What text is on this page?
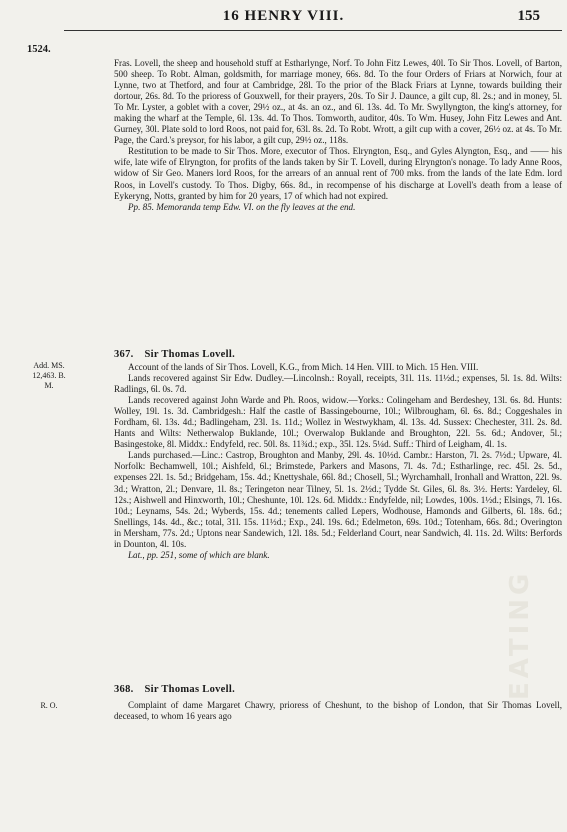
16 HENRY VIII.	155
1524.

Fras. Lovell, the sheep and household stuff at Estharlynge, Norf. To John Fitz Lewes, 40l. To Sir Thos. Lovell, of Barton, 500 sheep. To Robt. Alman, goldsmith, for marriage money, 66s. 8d. To the four Orders of Friars at Norwich, four at Lynne, two at Thetford, and four at Cambridge, 28l. To the prior of the Black Friars at Lynne, towards building their dortour, 26s. 8d. To the prioress of Gouxwell, for their prayers, 20s. To Sir J. Daunce, a gilt cup, 8l. 2s.; and in money, 5l. To Mr. Lyster, a goblet with a cover, 29½ oz., at 4s. an oz., and 6l. 13s. 4d. To Mr. Swyllyngton, the king's attorney, for making the wharf at the Temple, 6l. 13s. 4d. To Thos. Tomworth, auditor, 40s. To Wm. Husey, John Fitz Lewes and Ant. Gurney, 30l. Plate sold to lord Roos, not paid for, 63l. 8s. 2d. To Robt. Wrott, a gilt cup with a cover, 26½ oz. at 4s. To Mr. Page, the Card.'s preysor, for his labor, a gilt cup, 29½ oz., 118s.

Restitution to be made to Sir Thos. More, executor of Thos. Elryngton, Esq., and Gyles Alyngton, Esq., and —— his wife, late wife of Elryngton, for profits of the lands taken by Sir T. Lovell, during Elryngton's nonage. To lady Anne Roos, widow of Sir Geo. Maners lord Roos, for the arrears of an annual rent of 700 mks. from the lands of the late Edm. lord Roos, in Lovell's custody. To Thos. Digby, 66s. 8d., in recompense of his discharge at Lovell's death from a lease of Eykeryng, Notts, granted by him for 20 years, 17 of which had not expired.

Pp. 85. Memoranda temp Edw. VI. on the fly leaves at the end.

367. Sir Thomas Lovell.
Add. MS. 12,463. B. M.

Account of the lands of Sir Thos. Lovell, K.G., from Mich. 14 Hen. VIII. to Mich. 15 Hen. VIII.

Lands recovered against Sir Edw. Dudley.—Lincolnsh.: Royall, receipts, 31l. 11s. 11½d.; expenses, 5l. 1s. 8d. Wilts: Radlings, 6l. 0s. 7d.

Lands recovered against John Warde and Ph. Roos, widow.—Yorks.: Colingeham and Berdeshey, 13l. 6s. 8d. Hunts: Wolley, 19l. 1s. 3d. Cambridgesh.: Half the castle of Bassingebourne, 10l.; Wilbrougham, 6l. 6s. 8d.; Coggeshales in Fordham, 6l. 13s. 4d.; Badlingeham, 23l. 1s. 11d.; Wollez in Westwykham, 4l. 13s. 4d. Sussex: Chechester, 31l. 2s. 8d. Hants and Wilts: Netherwalop Buklande, 10l.; Overwalop Buklande and Broughton, 22l. 5s. 6d.; Andover, 5l.; Basingestoke, 8l. Middx.: Endyfeld, rec. 50l. 8s. 11¾d.; exp., 35l. 12s. 5¼d. Suff.: Third of Leigham, 4l. 1s.

Lands purchased.—Linc.: Castrop, Broughton and Manby, 29l. 4s. 10½d. Cambr.: Harston, 7l. 2s. 7½d.; Upware, 4l. Norfolk: Bechamwell, 10l.; Aishfeld, 6l.; Brimstede, Parkers and Masons, 7l. 4s. 7d.; Estharlinge, rec. 45l. 2s. 5d., expenses 22l. 1s. 5d.; Bridgeham, 15s. 4d.; Knettyshale, 66l. 8d.; Chosell, 5l.; Wyrchamhall, Ironhall and Wratton, 22l. 9s. 3d.; Wratton, 2l.; Denvare, 1l. 8s.; Teringeton near Tilney, 5l. 1s. 2½d.; Tydde St. Giles, 6l. 8s. 3½. Herts: Yardeley, 6l. 12s.; Aishwell and Hinxworth, 10l.; Cheshunte, 10l. 12s. 6d. Middx.: Endyfelde, nil; Lowdes, 100s. 1½d.; Elsings, 7l. 16s. 10d.; Leynams, 54s. 2d.; Wyberds, 15s. 4d.; tenements called Lepers, Wodhouse, Hamonds and Gilberts, 6l. 18s. 6d.; Snellings, 14s. 4d., &c.; total, 31l. 15s. 11½d.; Exp., 24l. 19s. 6d.; Edelmeton, 69s. 10d.; Totenham, 66s. 8d.; Overington in Mersham, 77s. 2d.; Uptons near Sandewich, 12l. 18s. 5d.; Felderland Court, near Sandwich, 4l. 11s. 2d. Wilts: Berfords in Dounton, 4l. 10s.

Lat., pp. 251, some of which are blank.

368. Sir Thomas Lovell.
R. O.	Complaint of dame Margaret Chawry, prioress of Cheshunt, to the bishop of London, that Sir Thomas Lovell, deceased, to whom 16 years ago

EATING
